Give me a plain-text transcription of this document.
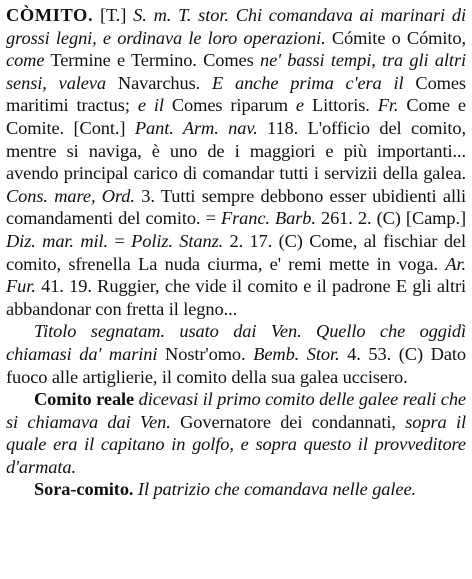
CÒMITO. [T.] S. m. T. stor. Chi comandava ai marinari di grossi legni, e ordinava le loro operazioni. Cómite o Cómito, come Termine e Termino. Comes ne' bassi tempi, tra gli altri sensi, valeva Navarchus. E anche prima c'era il Comes maritimi tractus; e il Comes riparum e Littoris. Fr. Come e Comite. [Cont.] Pant. Arm. nav. 118. L'officio del comito, mentre si naviga, è uno de i maggiori e più importanti... avendo principal carico di comandar tutti i servizii della galea. Cons. mare, Ord. 3. Tutti sempre debbono esser ubidienti alli comandamenti del comito. = Franc. Barb. 261. 2. (C) [Camp.] Diz. mar. mil. = Poliz. Stanz. 2. 17. (C) Come, al fischiar del comito, sfrenella La nuda ciurma, e' remi mette in voga. Ar. Fur. 41. 19. Ruggier, che vide il comito e il padrone E gli altri abbandonar con fretta il legno...

Titolo segnatam. usato dai Ven. Quello che oggidì chiamasi da' marini Nostr'omo. Bemb. Stor. 4. 53. (C) Dato fuoco alle artiglierie, il comito della sua galea uccisero.

Comito reale dicevasi il primo comito delle galee reali che si chiamava dai Ven. Governatore dei condannati, sopra il quale era il capitano in golfo, e sopra questo il provveditore d'armata.

Sora-comito. Il patrizio che comandava nelle galee.
